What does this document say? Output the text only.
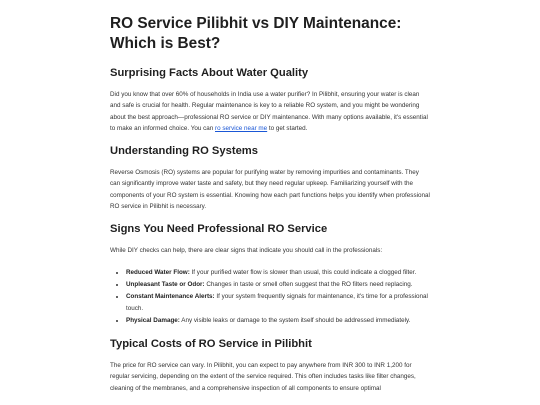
RO Service Pilibhit vs DIY Maintenance: Which is Best?
Surprising Facts About Water Quality

Did you know that over 60% of households in India use a water purifier? In Pilibhit, ensuring your water is clean and safe is crucial for health. Regular maintenance is key to a reliable RO system, and you might be wondering about the best approach—professional RO service or DIY maintenance. With many options available, it's essential to make an informed choice. You can ro service near me to get started.

Understanding RO Systems

Reverse Osmosis (RO) systems are popular for purifying water by removing impurities and contaminants. They can significantly improve water taste and safety, but they need regular upkeep. Familiarizing yourself with the components of your RO system is essential. Knowing how each part functions helps you identify when professional RO service in Pilibhit is necessary.

Signs You Need Professional RO Service

While DIY checks can help, there are clear signs that indicate you should call in the professionals:

• Reduced Water Flow: If your purified water flow is slower than usual, this could indicate a clogged filter.
• Unpleasant Taste or Odor: Changes in taste or smell often suggest that the RO filters need replacing.
• Constant Maintenance Alerts: If your system frequently signals for maintenance, it's time for a professional touch.
• Physical Damage: Any visible leaks or damage to the system itself should be addressed immediately.
Typical Costs of RO Service in Pilibhit

The price for RO service can vary. In Pilibhit, you can expect to pay anywhere from INR 300 to INR 1,200 for regular servicing, depending on the extent of the service required. This often includes tasks like filter changes, cleaning of the membranes, and a comprehensive inspection of all components to ensure optimal
